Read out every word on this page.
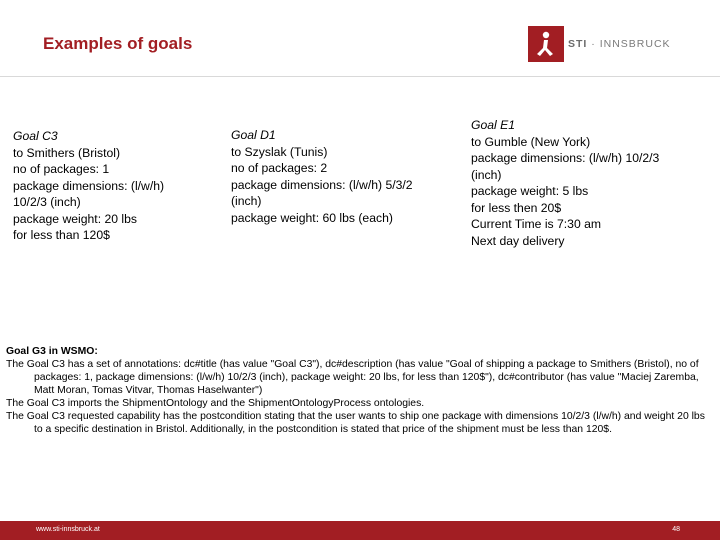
Examples of goals	STI · INNSBRUCK
Goal C3
to Smithers (Bristol)
no of packages: 1
package dimensions: (l/w/h)
10/2/3 (inch)
package weight: 20 lbs
for less than 120$
Goal D1
to Szyslak (Tunis)
no of packages: 2
package dimensions: (l/w/h) 5/3/2
(inch)
package weight: 60 lbs (each)
Goal E1
to Gumble (New York)
package dimensions: (l/w/h) 10/2/3
(inch)
package weight: 5 lbs
for less then 20$
Current Time is 7:30 am
Next day delivery
Goal G3 in WSMO:

The Goal C3 has a set of annotations: dc#title (has value "Goal C3"), dc#description (has value "Goal of shipping a package to Smithers (Bristol), no of packages: 1, package dimensions: (l/w/h) 10/2/3 (inch), package weight: 20 lbs, for less than 120$"), dc#contributor (has value "Maciej Zaremba, Matt Moran, Tomas Vitvar, Thomas Haselwanter")

The Goal C3 imports the ShipmentOntology and the ShipmentOntologyProcess ontologies.

The Goal C3 requested capability has the postcondition stating that the user wants to ship one package with dimensions 10/2/3 (l/w/h) and weight 20 lbs to a specific destination in Bristol. Additionally, in the postcondition is stated that price of the shipment must be less than 120$.

www.sti-innsbruck.at	48
